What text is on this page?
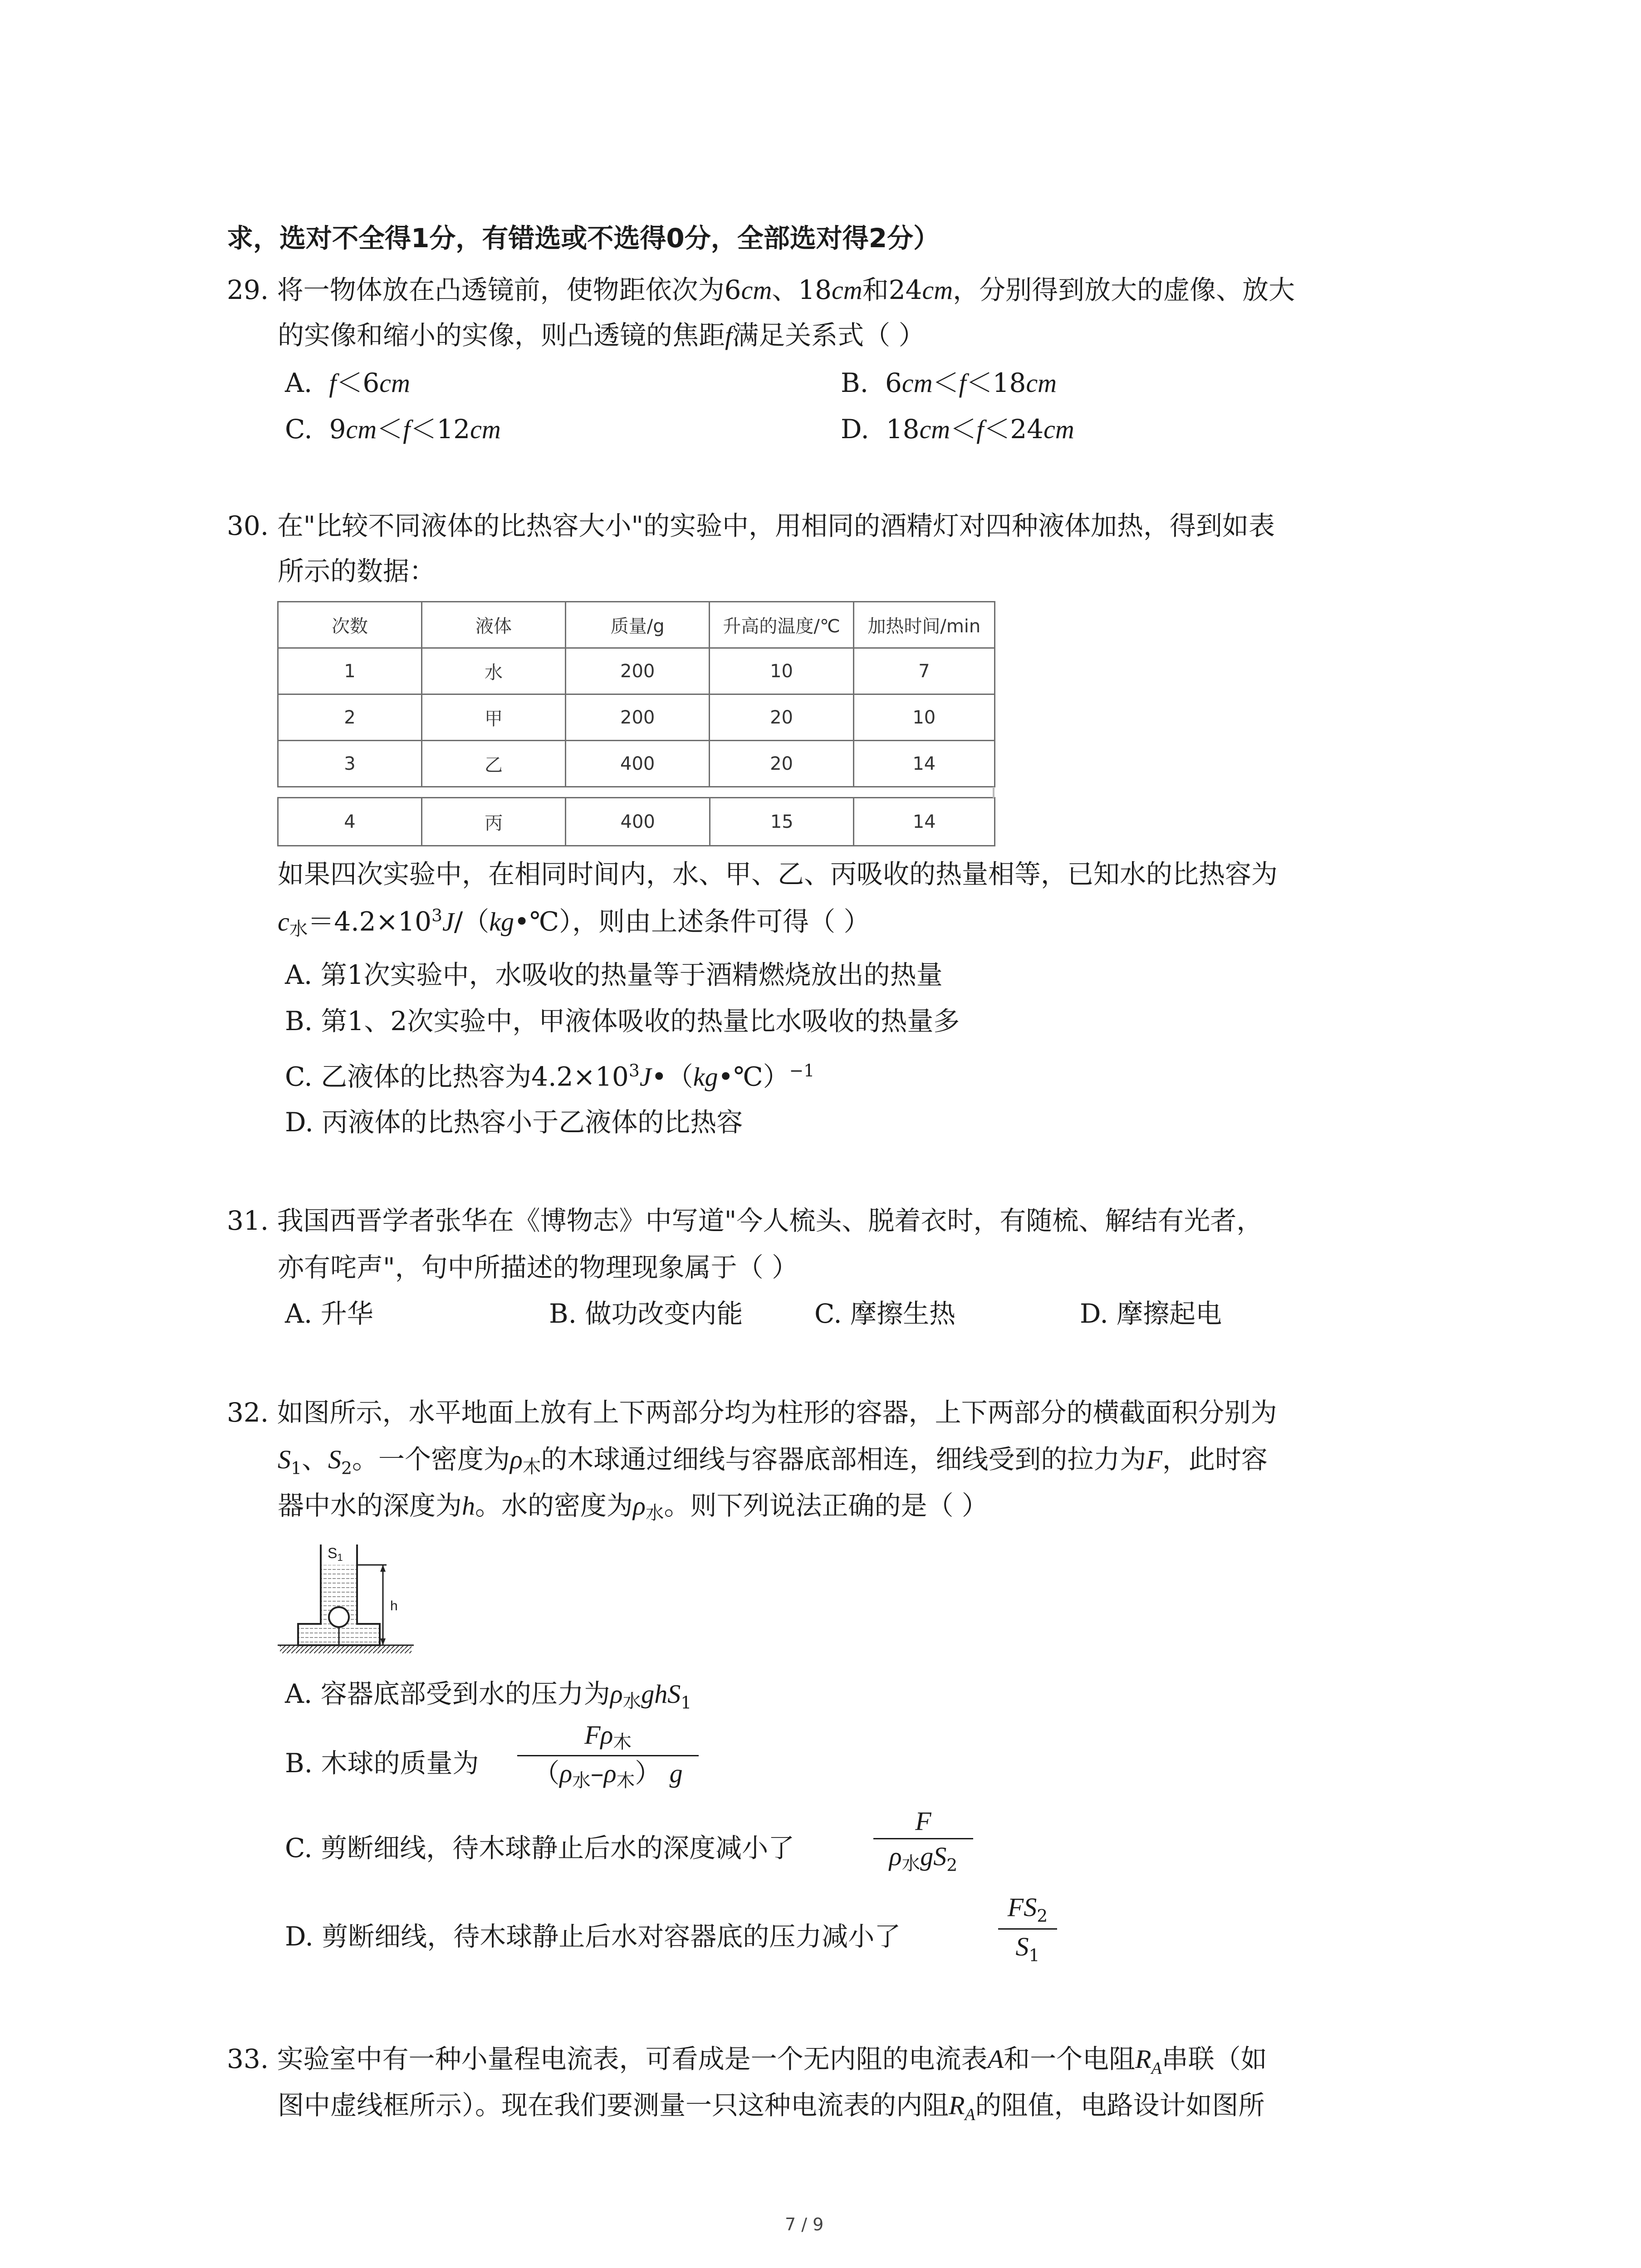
求，选对不全得1分，有错选或不选得0分，全部选对得2分）
29. 将一物体放在凸透镜前，使物距依次为6cm、18cm和24cm，分别得到放大的虚像、放大
的实像和缩小的实像，则凸透镜的焦距f满足关系式（ ）
A. f＜6cm	B. 6cm＜f＜18cm
C. 9cm＜f＜12cm	D. 18cm＜f＜24cm
30. 在"比较不同液体的比热容大小"的实验中，用相同的酒精灯对四种液体加热，得到如表
所示的数据：
次数	液体	质量/g	升高的温度/℃	加热时间/min
1	水	200	10	7
2	甲	200	20	10
3	乙	400	20	14
4	丙	400	15	14
如果四次实验中，在相同时间内，水、甲、乙、丙吸收的热量相等，已知水的比热容为
c水$=4.2\times 10^3J/(kg•℃)$，则由上述条件可得（ ）
A. 第1次实验中，水吸收的热量等于酒精燃烧放出的热量
B. 第1、2次实验中，甲液体吸收的热量比水吸收的热量多
C. 乙液体的比热容为$4.2\times 10^3J•(kg•℃)^{-1}$
D. 丙液体的比热容小于乙液体的比热容
31. 我国西晋学者张华在《博物志》中写道"今人梳头、脱着衣时，有随梳、解结有光者，
亦有咤声"，句中所描述的物理现象属于（ ）
A. 升华	B. 做功改变内能	C. 摩擦生热	D. 摩擦起电
32. 如图所示，水平地面上放有上下两部分均为柱形的容器，上下两部分的横截面积分别为
$S_1$、$S_2$。一个密度为ρ木的木球通过细线与容器底部相连，细线受到的拉力为F，此时容
器中水的深度为h。水的密度为ρ水。则下列说法正确的是（ ）
S1
h
A. 容器底部受到水的压力为ρ水ghS$_1$
B. 木球的质量为
Fρ木
（ρ水–ρ木） g
C. 剪断细线，待木球静止后水的深度减小了
F
ρ水$gS_2$
D. 剪断细线，待木球静止后水对容器底的压力减小了
$FS_2$
$S_1$
33. 实验室中有一种小量程电流表，可看成是一个无内阻的电流表A和一个电阻$R_A$串联（如
图中虚线框所示）。现在我们要测量一只这种电流表的内阻$R_A$的阻值，电路设计如图所
7 / 9
